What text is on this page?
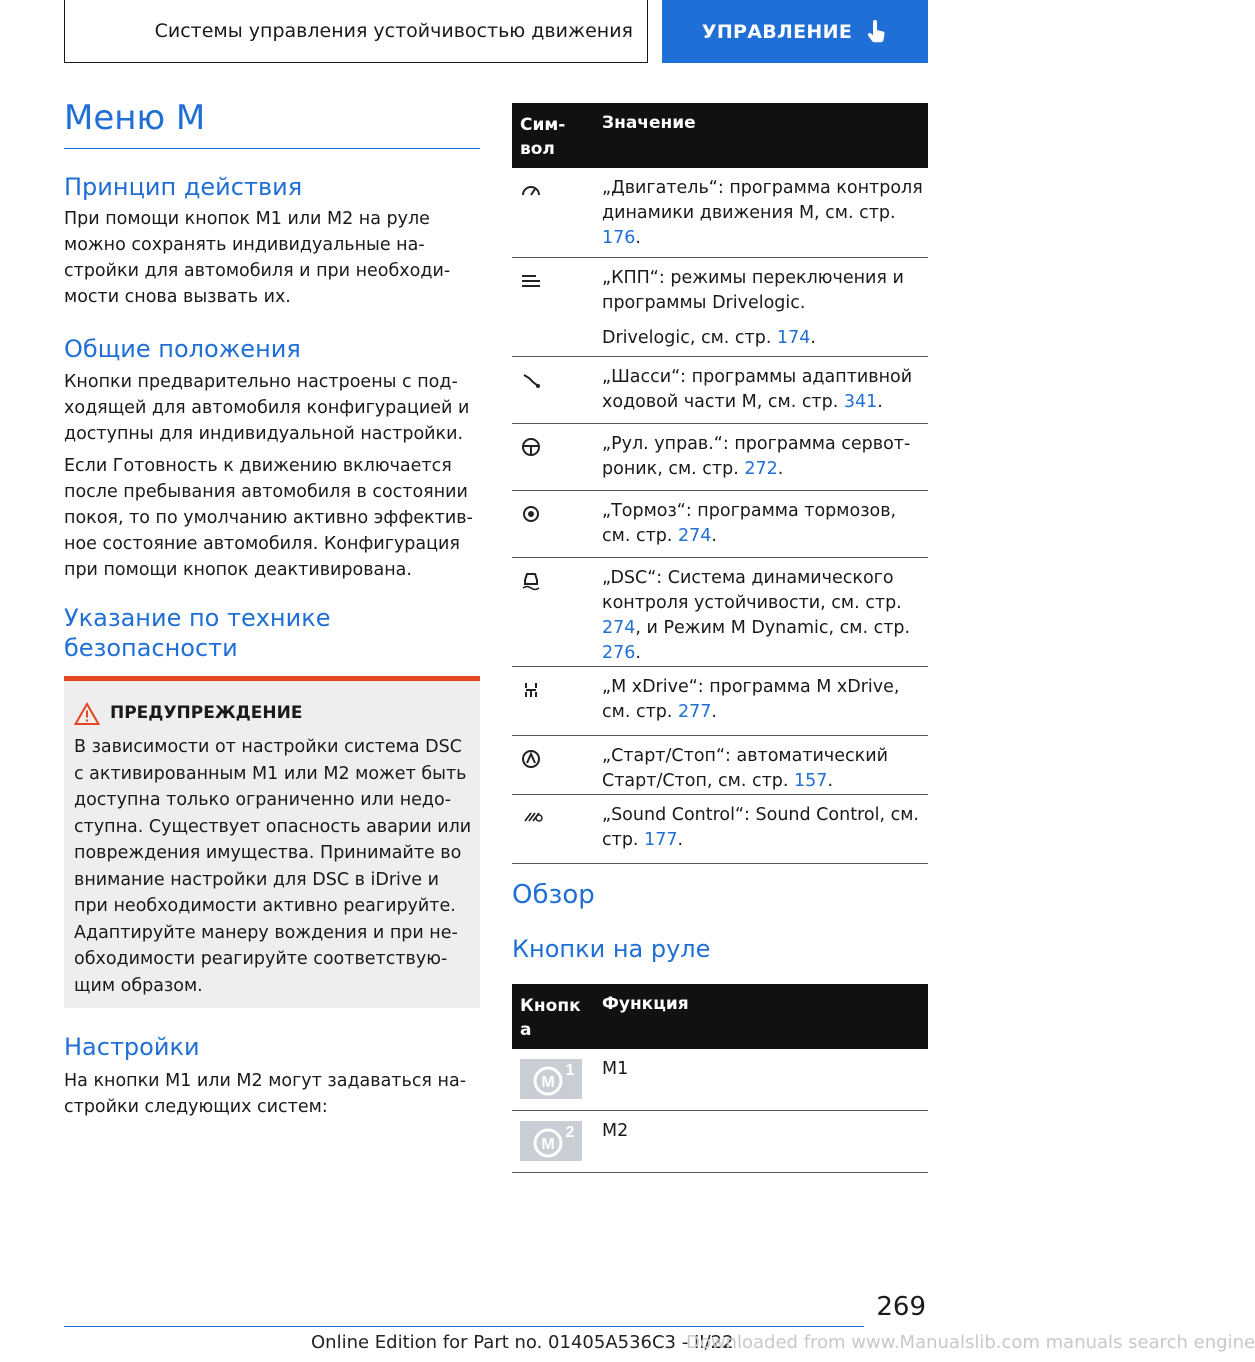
Системы управления устойчивостью движения	УПРАВЛЕНИЕ
Меню М
Принцип действия

При помощи кнопок М1 или М2 на руле можно сохранять индивидуальные настройки для автомобиля и при необходимости снова вызвать их.

Общие положения

Кнопки предварительно настроены с подходящей для автомобиля конфигурацией и доступны для индивидуальной настройки.

Если Готовность к движению включается после пребывания автомобиля в состоянии покоя, то по умолчанию активно эффективное состояние автомобиля. Конфигурация при помощи кнопок деактивирована.

Указание по технике
безопасности
ПРЕДУПРЕЖДЕНИЕ

В зависимости от настройки система DSC с активированным М1 или М2 может быть доступна только ограниченно или недоступна. Существует опасность аварии или повреждения имущества. Принимайте во внимание настройки для DSC в iDrive и при необходимости активно реагируйте. Адаптируйте манеру вождения и при необходимости реагируйте соответствующим образом.

Настройки

На кнопки М1 или М2 могут задаваться настройки следующих систем:

Символ
Значение
„Двигатель“: программа контроля динамики движения М, см. стр. 176.

„КПП“: режимы переключения и программы Drivelogic.

Drivelogic, см. стр. 174.

„Шасси“: программы адаптивной ходовой части М, см. стр. 341.
„Рул. управ.“: программа сервотроник, см. стр. 272.
„Тормоз“: программа тормозов, см. стр. 274.
„DSC“: Система динамического контроля устойчивости, см. стр. 274, и Режим М Dynamic, см. стр. 276.
„M xDrive“: программа M xDrive, см. стр. 277.
„Старт/Стоп“: автоматический Старт/Стоп, см. стр. 157.
„Sound Control“: Sound Control, см. стр. 177.
Обзор
Кнопки на руле
Кнопк а
Функция
M
1 M1
M
2 M2
269
Online Edition for Part no. 01405A536C3 - II/22
Downloaded from www.Manualslib.com manuals search engine
